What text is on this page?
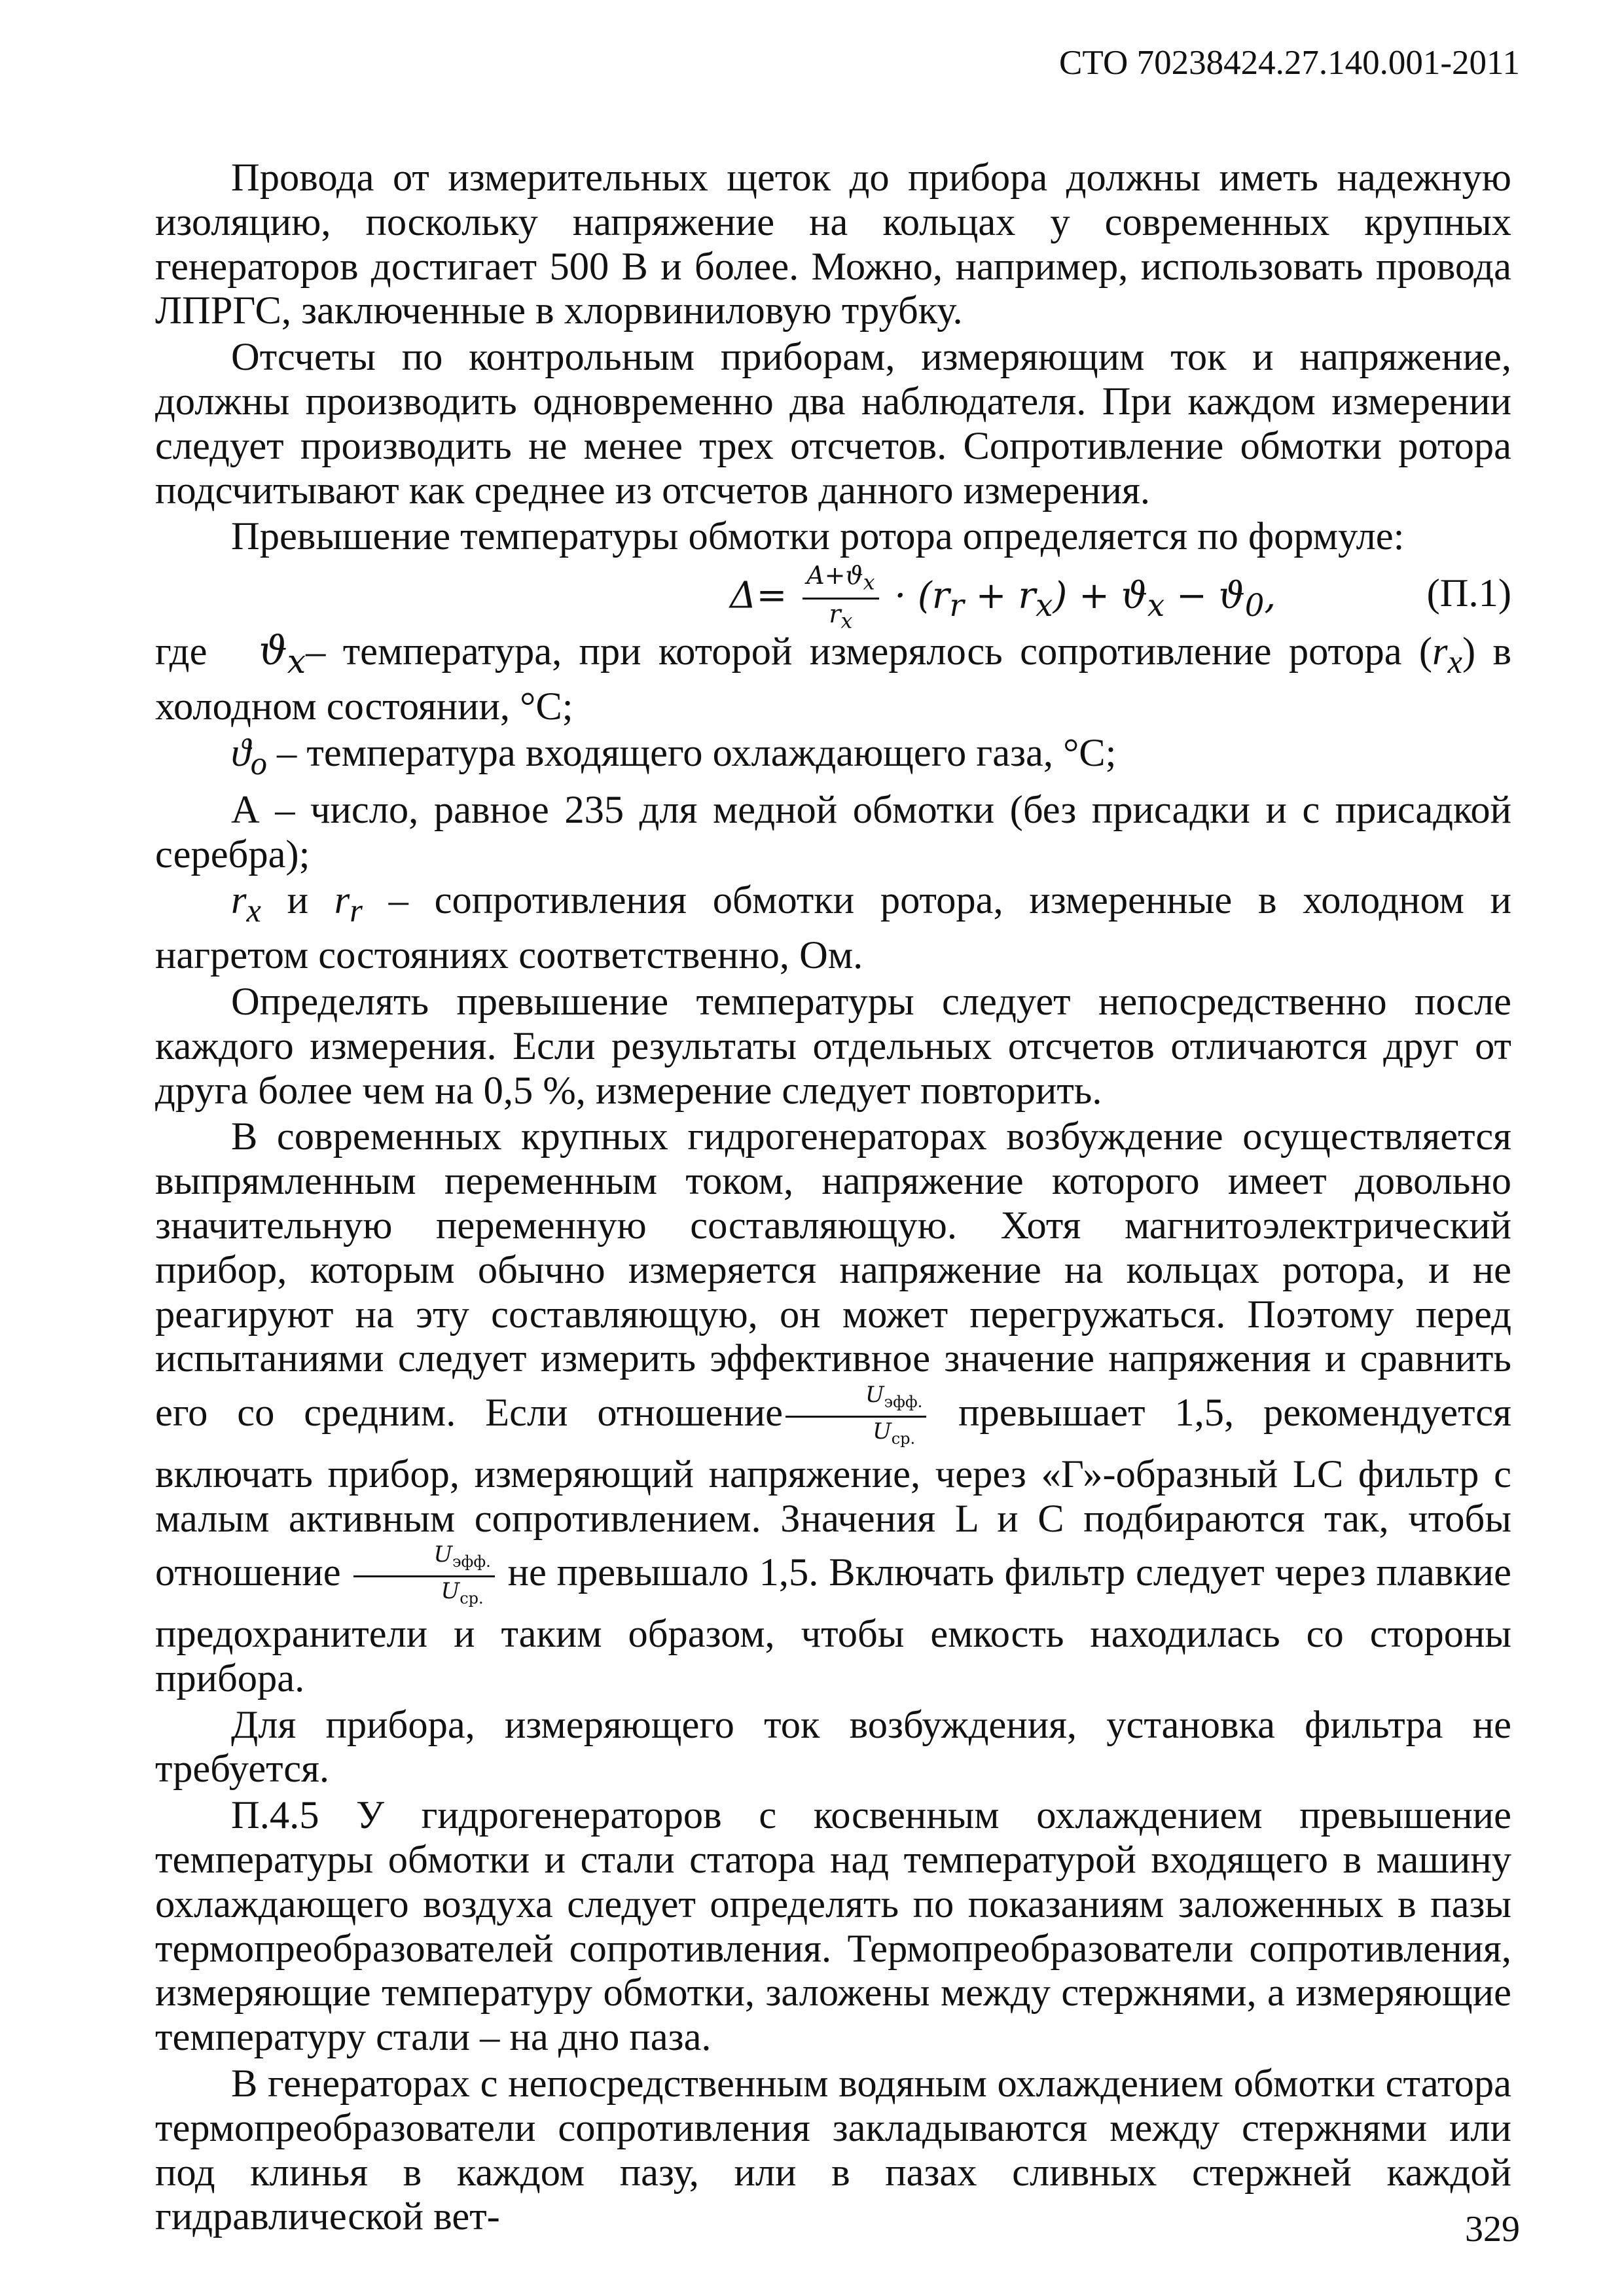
СТО 70238424.27.140.001-2011

Провода от измерительных щеток до прибора должны иметь надежную изоляцию, поскольку напряжение на кольцах у современных крупных генераторов достигает 500 В и более. Можно, например, использовать провода ЛПРГС, заключенные в хлорвиниловую трубку.

Отсчеты по контрольным приборам, измеряющим ток и напряжение, должны производить одновременно два наблюдателя. При каждом измерении следует производить не менее трех отсчетов. Сопротивление обмотки ротора подсчитывают как среднее из отсчетов данного измерения.

Превышение температуры обмотки ротора определяется по формуле:

$\Delta= \frac{A+ϑ_x}{r_x} \cdot (r_r + r_x) + ϑ_x - ϑ_0$,	(П.1)

где $ϑ_x-$ температура, при которой измерялось сопротивление ротора $(r_x)$ в холодном состоянии, °С;

$ϑ_o$ – температура входящего охлаждающего газа, °С;

А – число, равное 235 для медной обмотки (без присадки и с присадкой серебра);

$r_x$ и $r_r$ – сопротивления обмотки ротора, измеренные в холодном и нагретом состояниях соответственно, Ом.

Определять превышение температуры следует непосредственно после каждого измерения. Если результаты отдельных отсчетов отличаются друг от друга более чем на 0,5 %, измерение следует повторить.

В современных крупных гидрогенераторах возбуждение осуществляется выпрямленным переменным током, напряжение которого имеет довольно значительную переменную составляющую. Хотя магнитоэлектрический прибор, которым обычно измеряется напряжение на кольцах ротора, и не реагируют на эту составляющую, он может перегружаться. Поэтому перед испытаниями следует измерить эффективное значение напряжения и сравнить его со средним. Если отношение $\frac{U_{эфф.}}{U_{ср.}}$ превышает 1,5, рекомендуется включать прибор, измеряющий напряжение, через «Г»-образный LC фильтр с малым активным сопротивлением. Значения L и С подбираются так, чтобы отношение $\frac{U_{эфф.}}{U_{ср.}}$ не превышало 1,5. Включать фильтр следует через плавкие предохранители и таким образом, чтобы емкость находилась со стороны прибора.

Для прибора, измеряющего ток возбуждения, установка фильтра не требуется.

П.4.5 У гидрогенераторов с косвенным охлаждением превышение температуры обмотки и стали статора над температурой входящего в машину охлаждающего воздуха следует определять по показаниям заложенных в пазы термопреобразователей сопротивления. Термопреобразователи сопротивления, измеряющие температуру обмотки, заложены между стержнями, а измеряющие температуру стали – на дно паза.

В генераторах с непосредственным водяным охлаждением обмотки статора термопреобразователи сопротивления закладываются между стержнями или под клинья в каждом пазу, или в пазах сливных стержней каждой гидравлической вет-	329
